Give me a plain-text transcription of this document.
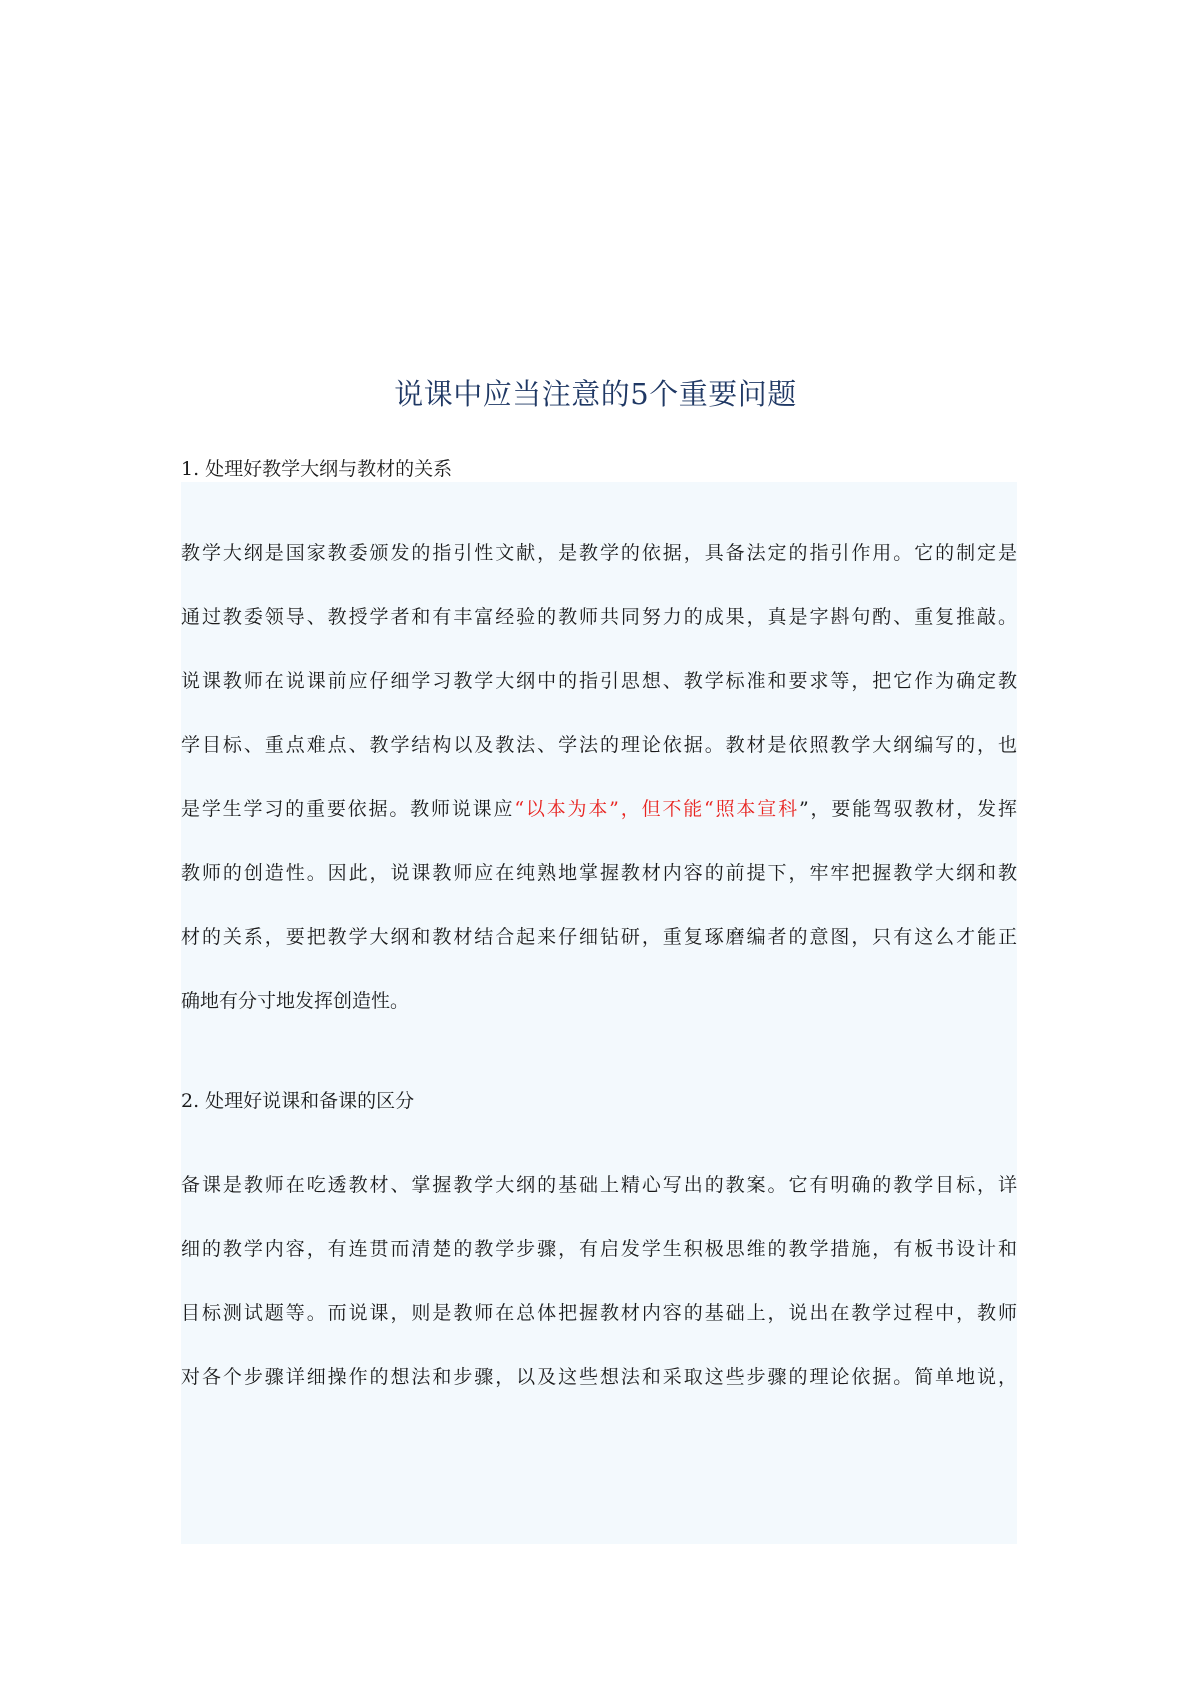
说课中应当注意的5个重要问题
1. 处理好教学大纲与教材的关系
教学大纲是国家教委颁发的指引性文献，是教学的依据，具备法定的指引作用。它的制定是
通过教委领导、教授学者和有丰富经验的教师共同努力的成果，真是字斟句酌、重复推敲。
说课教师在说课前应仔细学习教学大纲中的指引思想、教学标准和要求等，把它作为确定教
学目标、重点难点、教学结构以及教法、学法的理论依据。教材是依照教学大纲编写的，也
是学生学习的重要依据。教师说课应“以本为本”，但不能“照本宣科”，要能驾驭教材，发挥
教师的创造性。因此，说课教师应在纯熟地掌握教材内容的前提下，牢牢把握教学大纲和教
材的关系，要把教学大纲和教材结合起来仔细钻研，重复琢磨编者的意图，只有这么才能正
确地有分寸地发挥创造性。
2. 处理好说课和备课的区分
备课是教师在吃透教材、掌握教学大纲的基础上精心写出的教案。它有明确的教学目标，详
细的教学内容，有连贯而清楚的教学步骤，有启发学生积极思维的教学措施，有板书设计和
目标测试题等。而说课，则是教师在总体把握教材内容的基础上，说出在教学过程中，教师
对各个步骤详细操作的想法和步骤，以及这些想法和采取这些步骤的理论依据。简单地说，
